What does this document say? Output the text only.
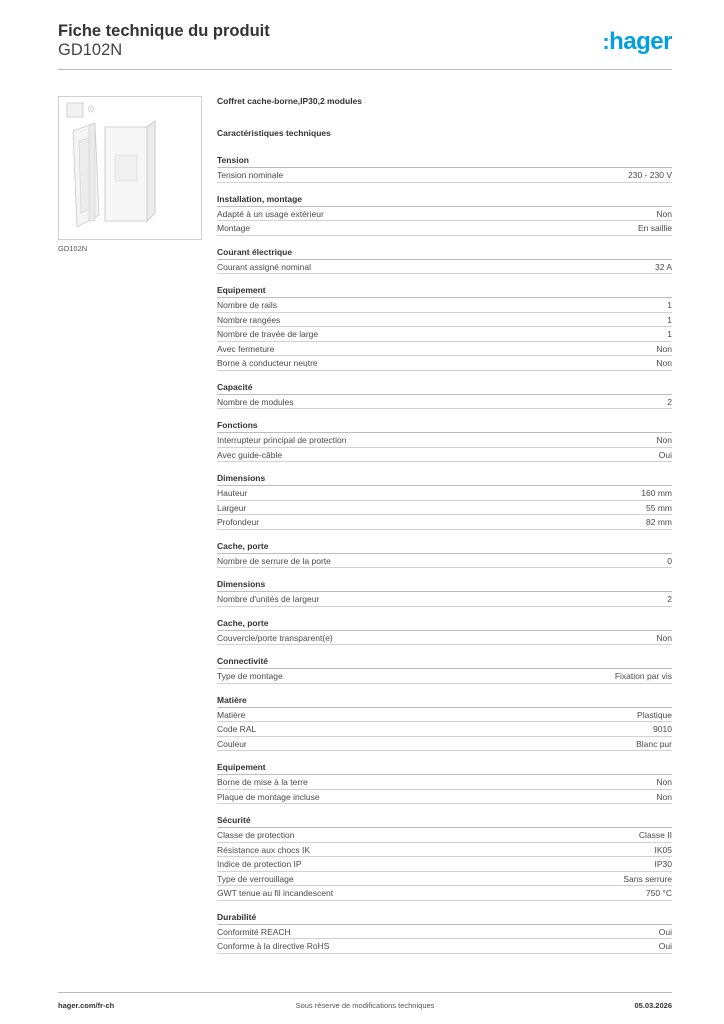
Fiche technique du produit
GD102N	:hager
GD102N
Coffret cache-borne,IP30,2 modules
Caractéristiques techniques
Tension
Tension nominale	230 - 230 V
Installation, montage
Adapté à un usage extérieur	Non
Montage	En saillie
Courant électrique
Courant assigné nominal	32 A
Equipement
Nombre de rails	1
Nombre rangées	1
Nombre de travée de large	1
Avec fermeture	Non
Borne à conducteur neutre	Non
Capacité
Nombre de modules	2
Fonctions
Interrupteur principal de protection	Non
Avec guide-câble	Oui
Dimensions
Hauteur	160 mm
Largeur	55 mm
Profondeur	82 mm
Cache, porte
Nombre de serrure de la porte	0
Dimensions
Nombre d'unités de largeur	2
Cache, porte
Couvercle/porte transparent(e)	Non
Connectivité
Type de montage	Fixation par vis
Matière
Matière	Plastique
Code RAL	9010
Couleur	Blanc pur
Equipement
Borne de mise à la terre	Non
Plaque de montage incluse	Non
Sécurité
Classe de protection	Classe II
Résistance aux chocs IK	IK05
Indice de protection IP	IP30
Type de verrouillage	Sans serrure
GWT tenue au fil incandescent	750 °C
Durabilité
Conformité REACH	Oui
Conforme à la directive RoHS	Oui
hager.com/fr-ch	Sous réserve de modifications techniques	05.03.2026
